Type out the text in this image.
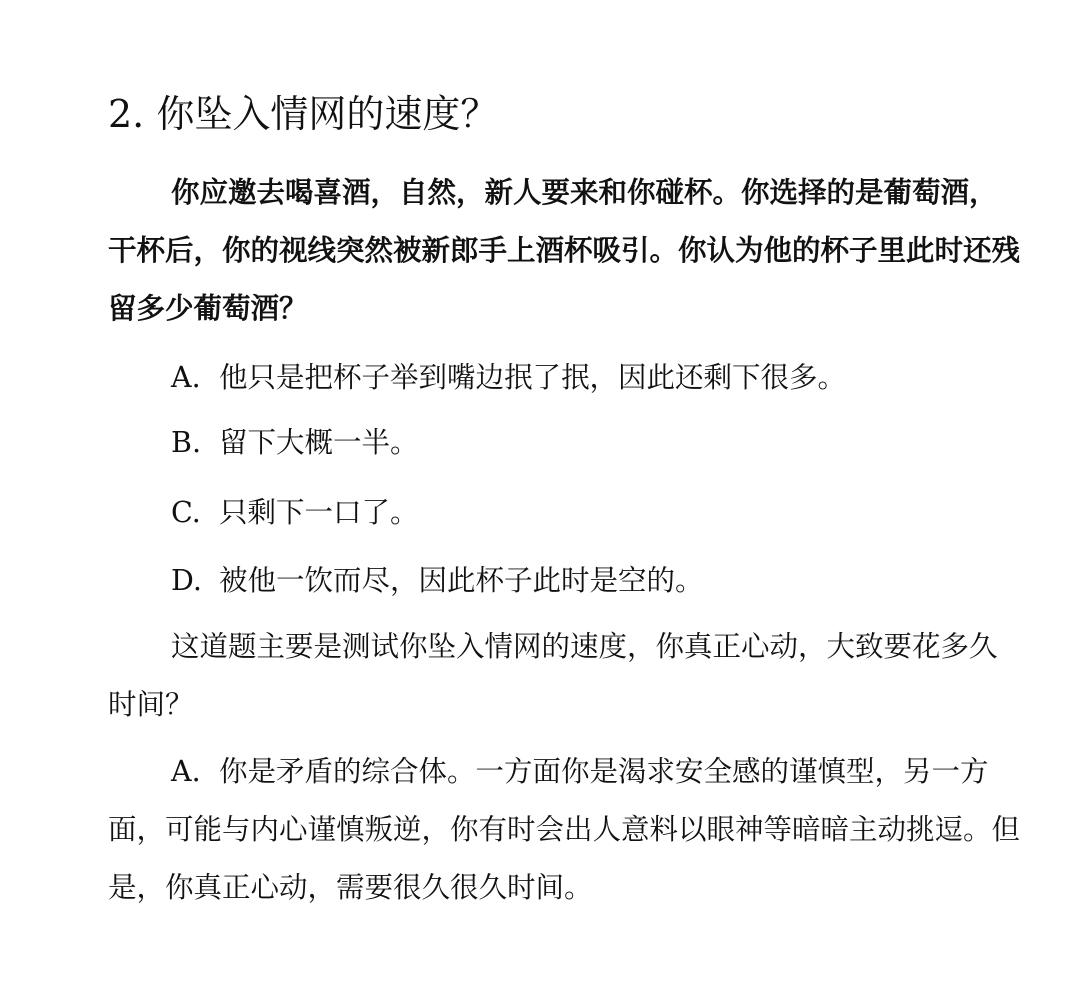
2. 你坠入情网的速度？

你应邀去喝喜酒，自然，新人要来和你碰杯。你选择的是葡萄酒，干杯后，你的视线突然被新郎手上酒杯吸引。你认为他的杯子里此时还残留多少葡萄酒？

A. 他只是把杯子举到嘴边抿了抿，因此还剩下很多。

B. 留下大概一半。

C. 只剩下一口了。

D. 被他一饮而尽，因此杯子此时是空的。

这道题主要是测试你坠入情网的速度，你真正心动，大致要花多久时间？

A. 你是矛盾的综合体。一方面你是渴求安全感的谨慎型，另一方面，可能与内心谨慎叛逆，你有时会出人意料以眼神等暗暗主动挑逗。但是，你真正心动，需要很久很久时间。
